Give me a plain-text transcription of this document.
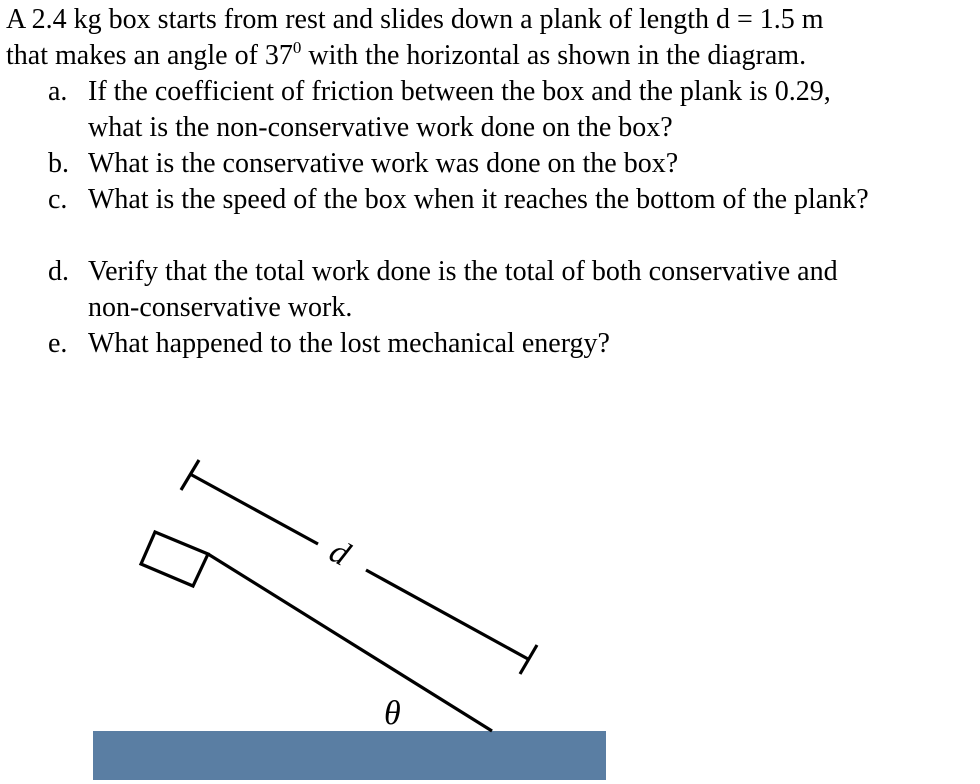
A 2.4 kg box starts from rest and slides down a plank of length d = 1.5 m
that makes an angle of $37^0$ with the horizontal as shown in the diagram.

a. If the coefficient of friction between the box and the plank is 0.29,
what is the non-conservative work done on the box?
b. What is the conservative work was done on the box?
c. What is the speed of the box when it reaches the bottom of the plank?
d. Verify that the total work done is the total of both conservative and
non-conservative work.
e. What happened to the lost mechanical energy?
d
θ
